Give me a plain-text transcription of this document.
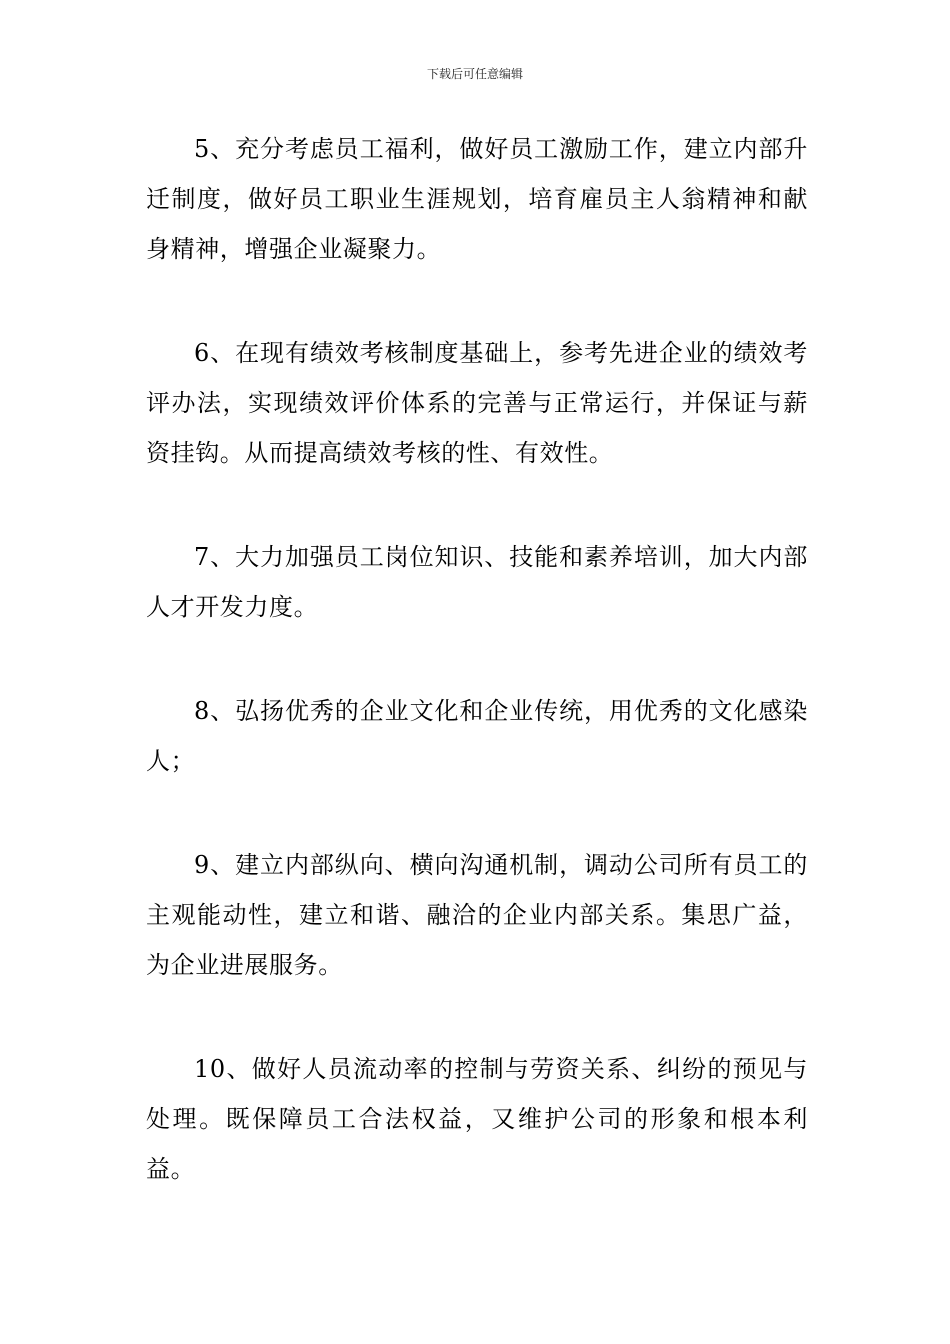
下载后可任意编辑

5、充分考虑员工福利，做好员工激励工作，建立内部升迁制度，做好员工职业生涯规划，培育雇员主人翁精神和献身精神，增强企业凝聚力。

6、在现有绩效考核制度基础上，参考先进企业的绩效考评办法，实现绩效评价体系的完善与正常运行，并保证与薪资挂钩。从而提高绩效考核的性、有效性。

7、大力加强员工岗位知识、技能和素养培训，加大内部人才开发力度。

8、弘扬优秀的企业文化和企业传统，用优秀的文化感染人；

9、建立内部纵向、横向沟通机制，调动公司所有员工的主观能动性，建立和谐、融洽的企业内部关系。集思广益，为企业进展服务。

10、做好人员流动率的控制与劳资关系、纠纷的预见与处理。既保障员工合法权益，又维护公司的形象和根本利益。
